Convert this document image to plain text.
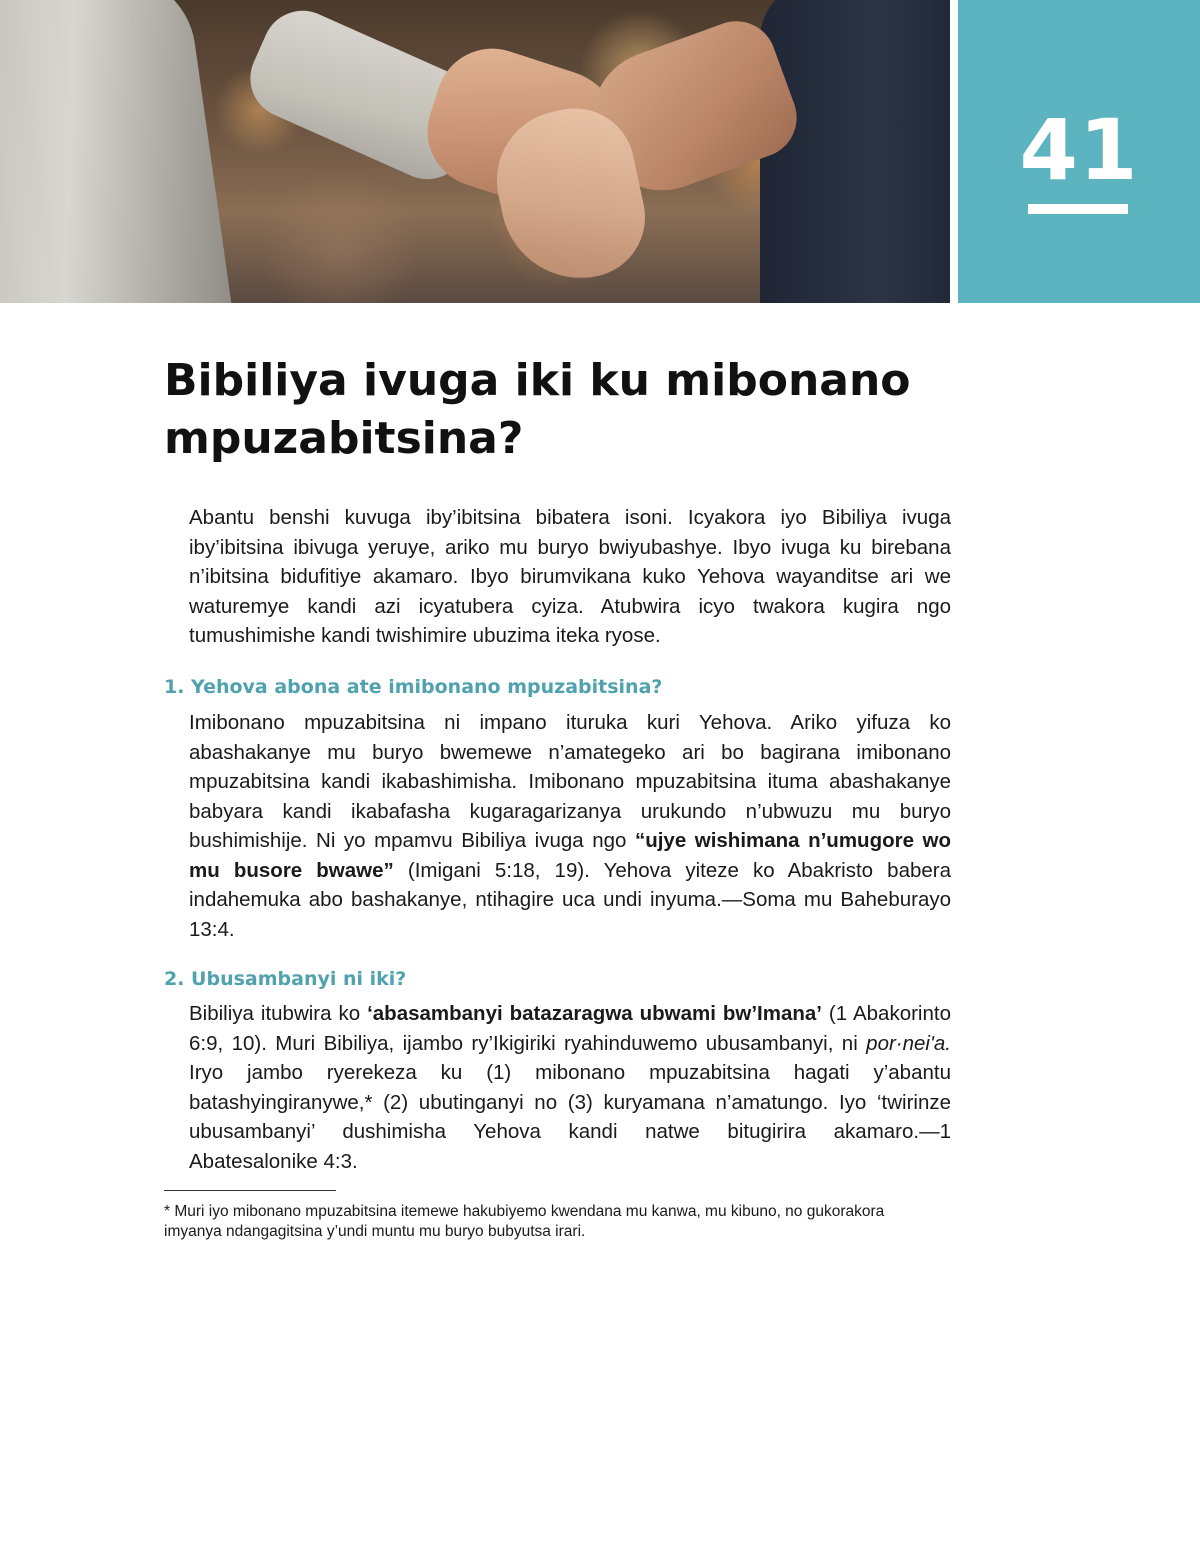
41
Bibiliya ivuga iki ku mibonano mpuzabitsina?

Abantu benshi kuvuga iby’ibitsina bibatera isoni. Icyakora iyo Bibiliya ivuga iby’ibitsina ibivuga yeruye, ariko mu buryo bwiyubashye. Ibyo ivuga ku birebana n’ibitsina bidufitiye akamaro. Ibyo birumvikana kuko Yehova wayanditse ari we waturemye kandi azi icyatubera cyiza. Atubwira icyo twakora kugira ngo tumushimishe kandi twishimire ubuzima iteka ryose.

1. Yehova abona ate imibonano mpuzabitsina?

Imibonano mpuzabitsina ni impano ituruka kuri Yehova. Ariko yifuza ko abashakanye mu buryo bwemewe n’amategeko ari bo bagirana imibonano mpuzabitsina kandi ikabashimisha. Imibonano mpuzabitsina ituma abashakanye babyara kandi ikabafasha kugaragarizanya urukundo n’ubwuzu mu buryo bushimishije. Ni yo mpamvu Bibiliya ivuga ngo “ujye wishimana n’umugore wo mu busore bwawe” (Imigani 5:18, 19). Yehova yiteze ko Abakristo babera indahemuka abo bashakanye, ntihagire uca undi inyuma.—Soma mu Baheburayo 13:4.

2. Ubusambanyi ni iki?

Bibiliya itubwira ko ‘abasambanyi batazaragwa ubwami bw’Imana’ (1 Abakorinto 6:9, 10). Muri Bibiliya, ijambo ry’Ikigiriki ryahinduwemo ubusambanyi, ni por·neiʹa. Iryo jambo ryerekeza ku (1) mibonano mpuzabitsina hagati y’abantu batashyingiranywe,* (2) ubutinganyi no (3) kuryamana n’amatungo. Iyo ‘twirinze ubusambanyi’ dushimisha Yehova kandi natwe bitugirira akamaro.—1 Abatesalonike 4:3.

* Muri iyo mibonano mpuzabitsina itemewe hakubiyemo kwendana mu kanwa, mu kibuno, no gukorakora imyanya ndangagitsina y’undi muntu mu buryo bubyutsa irari.
